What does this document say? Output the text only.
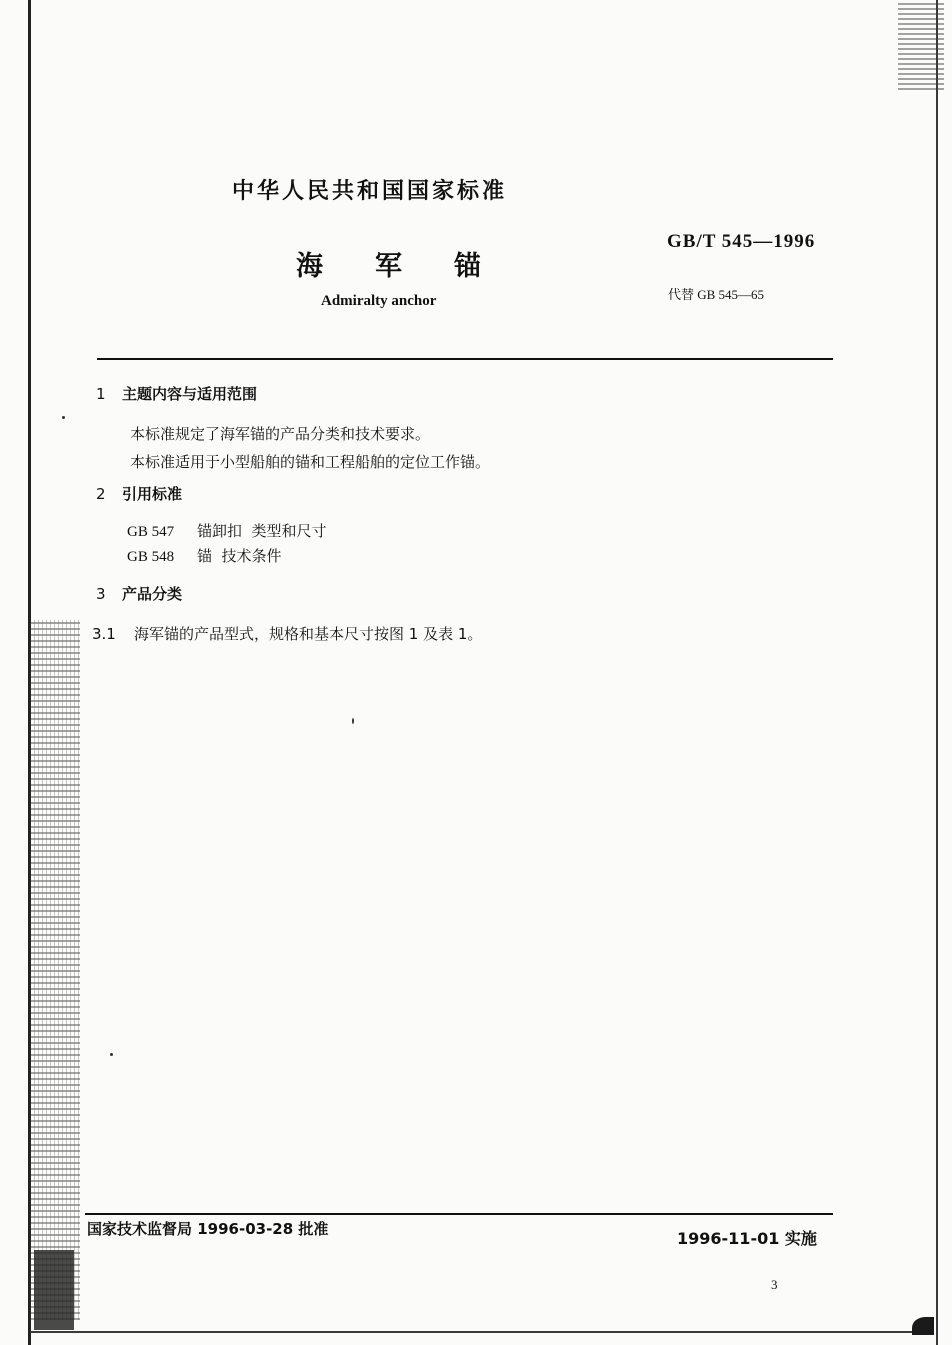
中华人民共和国国家标准
海军锚
Admiralty anchor
GB/T 545—1996
代替 GB 545—65
1 主题内容与适用范围
本标准规定了海军锚的产品分类和技术要求。
本标准适用于小型船舶的锚和工程船舶的定位工作锚。
2 引用标准
GB 547 锚卸扣  类型和尺寸
GB 548 锚  技术条件
3 产品分类
3.1 海军锚的产品型式，规格和基本尺寸按图 1 及表 1。
国家技术监督局 1996-03-28 批准	1996-11-01 实施
3
